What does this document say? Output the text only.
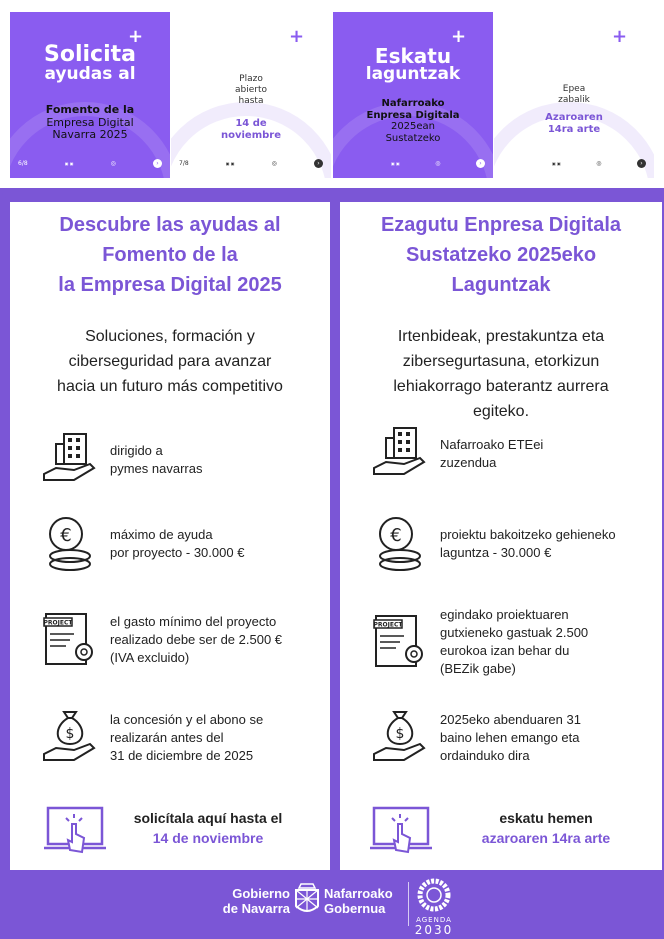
+
Solicita
ayudas al
Fomento de la
Empresa Digital
Navarra 2025
6/8	▣ ▣	◎	›
+
Plazo
abierto
hasta
14 de
noviembre
7/8	▣ ▣	◎	›
+
Eskatu
laguntzak
Nafarroako
Enpresa Digitala
2025ean
Sustatzeko
▣ ▣	◎	›
+
Epea
zabalik
Azaroaren
14ra arte
▣ ▣	◎	›
Descubre las ayudas al
Fomento de la
la Empresa Digital 2025
Soluciones, formación y
ciberseguridad para avanzar
hacia un futuro más competitivo
dirigido a
pymes navarras
€	máximo de ayuda
por proyecto - 30.000 €
PROJECT	el gasto mínimo del proyecto
realizado debe ser de 2.500 €
(IVA excluido)
$
la concesión y el abono se
realizarán antes del
31 de diciembre de 2025
solicítala aquí hasta el
14 de noviembre
Ezagutu Enpresa Digitala
Sustatzeko 2025eko
Laguntzak
Irtenbideak, prestakuntza eta
zibersegurtasuna, etorkizun
lehiakorrago baterantz aurrera
egiteko.
Nafarroako ETEei
zuzendua
€	proiektu bakoitzeko gehieneko
laguntza - 30.000 €
PROJECT
egindako proiektuaren
gutxieneko gastuak 2.500
eurokoa izan behar du
(BEZik gabe)
$
2025eko abenduaren 31
baino lehen emango eta
ordainduko dira
eskatu hemen
azaroaren 14ra arte
Gobierno
de Navarra
Nafarroako
Gobernua
AGENDA
2030
